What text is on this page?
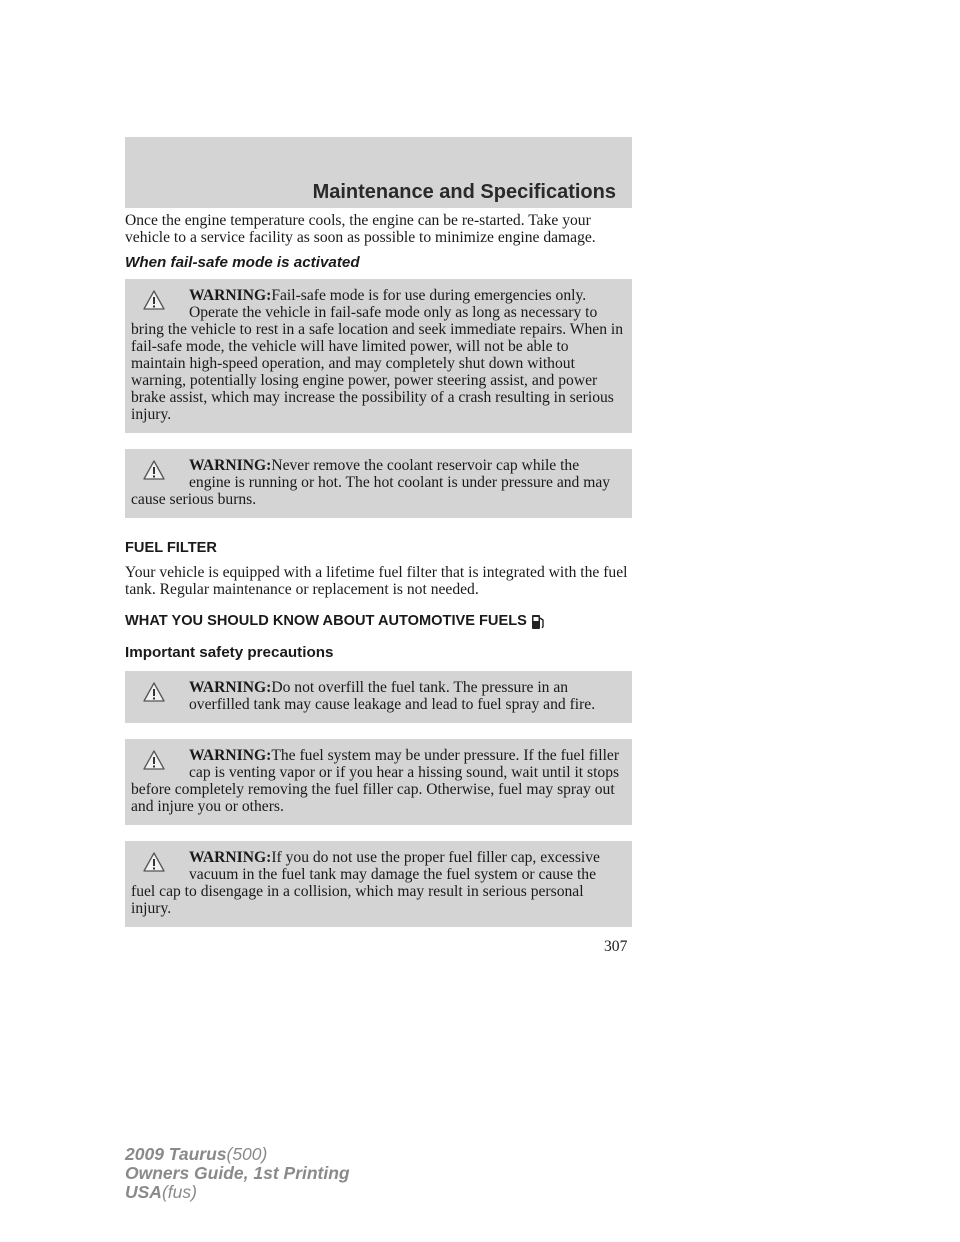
Maintenance and Specifications

Once the engine temperature cools, the engine can be re-started. Take your vehicle to a service facility as soon as possible to minimize engine damage.

When fail-safe mode is activated

WARNING:Fail-safe mode is for use during emergencies only. Operate the vehicle in fail-safe mode only as long as necessary to bring the vehicle to rest in a safe location and seek immediate repairs. When in fail-safe mode, the vehicle will have limited power, will not be able to maintain high-speed operation, and may completely shut down without warning, potentially losing engine power, power steering assist, and power brake assist, which may increase the possibility of a crash resulting in serious injury.
WARNING:Never remove the coolant reservoir cap while the engine is running or hot. The hot coolant is under pressure and may cause serious burns.

FUEL FILTER

Your vehicle is equipped with a lifetime fuel filter that is integrated with the fuel tank. Regular maintenance or replacement is not needed.

WHAT YOU SHOULD KNOW ABOUT AUTOMOTIVE FUELS

Important safety precautions

WARNING:Do not overfill the fuel tank. The pressure in an overfilled tank may cause leakage and lead to fuel spray and fire.
WARNING:The fuel system may be under pressure. If the fuel filler cap is venting vapor or if you hear a hissing sound, wait until it stops before completely removing the fuel filler cap. Otherwise, fuel may spray out and injure you or others.
WARNING:If you do not use the proper fuel filler cap, excessive vacuum in the fuel tank may damage the fuel system or cause the fuel cap to disengage in a collision, which may result in serious personal injury.
307
2009 Taurus(500)
Owners Guide, 1st Printing
USA(fus)
